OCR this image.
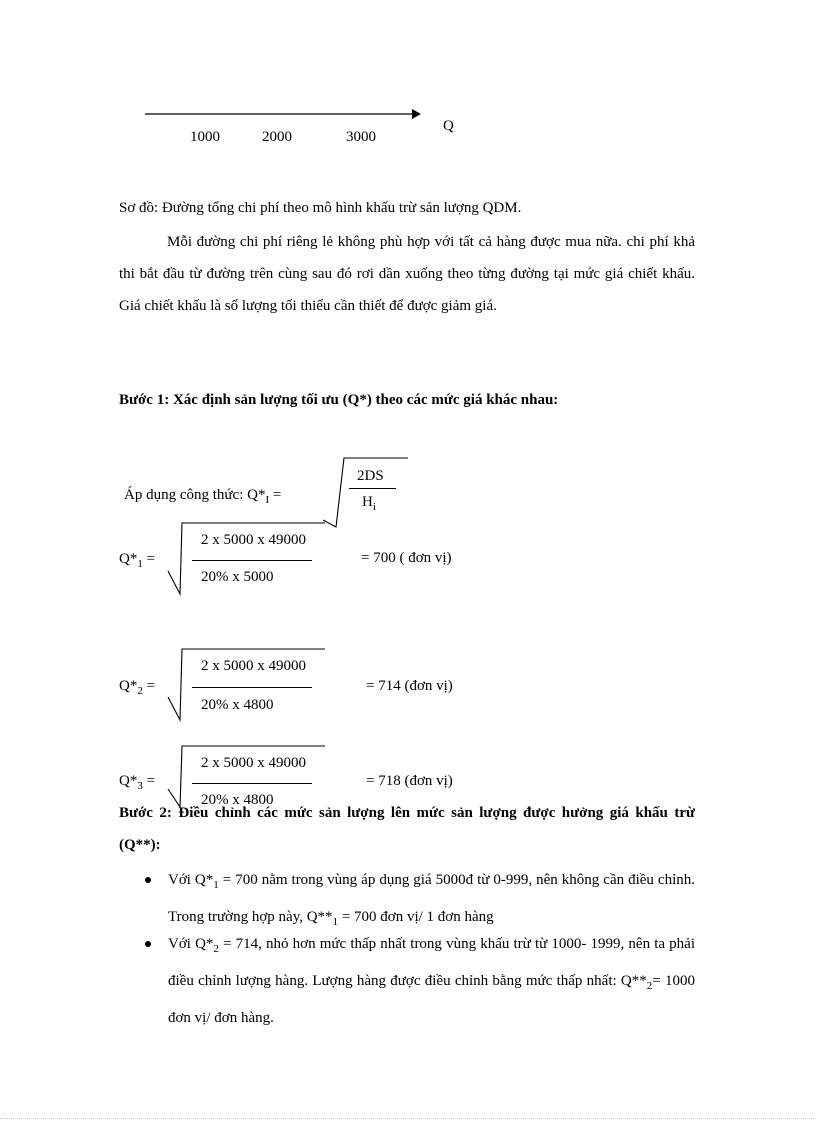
1000	2000	3000
Q
Sơ đồ: Đường tổng chi phí theo mô hình khấu trừ sản lượng QDM.
Mỗi đường chi phí riêng lẻ không phù hợp với tất cả hàng được mua nữa. chi phí khả thi bắt đầu từ đường trên cùng sau đó rơi dần xuống theo từng đường tại mức giá chiết khấu. Giá chiết khấu là số lượng tối thiểu cần thiết để được giảm giá.
Bước 1: Xác định sản lượng tối ưu (Q*) theo các mức giá khác nhau:
Áp dụng công thức: $Q*_I$ =
2DS
$H_i$
$Q*_1$ =
2 x 5000 x 49000
20% x 5000
= 700 ( đơn vị)
$Q*_2$ =
2 x 5000 x 49000
20% x 4800
= 714 (đơn vị)
$Q*_3$ =
2 x 5000 x 49000
20% x 4800
= 718 (đơn vị)
Bước 2: Điều chỉnh các mức sản lượng lên mức sản lượng được hưởng giá khấu trừ (Q**):
Với $Q*_1 = 700$ nằm trong vùng áp dụng giá 5000đ từ 0-999, nên không cần điều chỉnh. Trong trường hợp này, $Q**_1 = 700$ đơn vị/ 1 đơn hàng
Với $Q*_2 = 714$, nhỏ hơn mức thấp nhất trong vùng khấu trừ từ 1000- 1999, nên ta phải điều chỉnh lượng hàng. Lượng hàng được điều chỉnh bằng mức thấp nhất: $Q**_2= 1000$ đơn vị/ đơn hàng.
